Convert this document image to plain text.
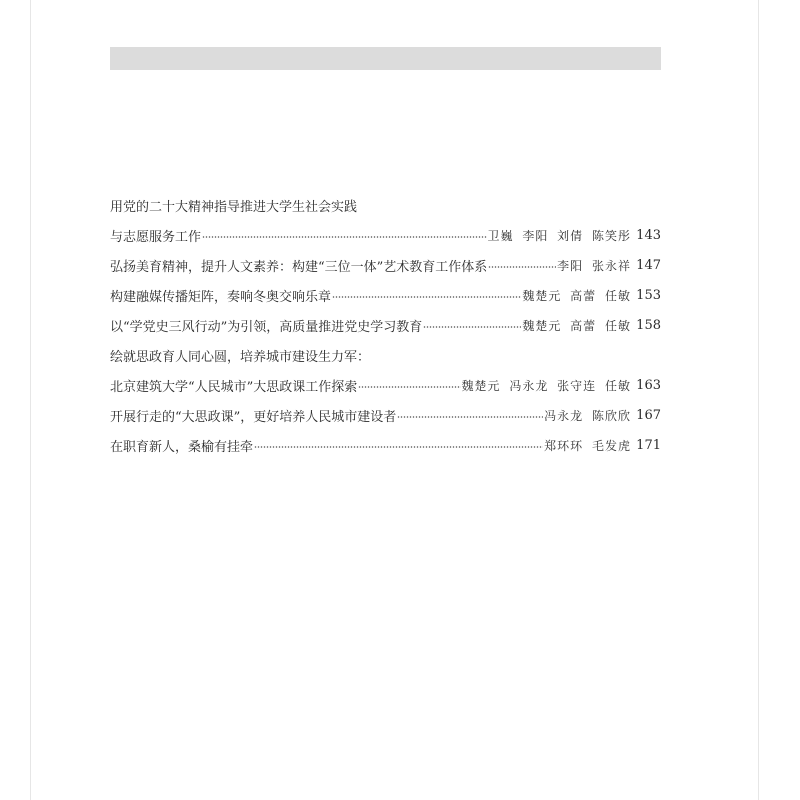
用党的二十大精神指导推进大学生社会实践
与志愿服务工作	卫巍 李阳 刘倩 陈笑彤 143
弘扬美育精神，提升人文素养：构建“三位一体”艺术教育工作体系	李阳 张永祥 147
构建融媒传播矩阵，奏响冬奥交响乐章	魏楚元 高蕾 任敏 153
以“学党史三风行动”为引领，高质量推进党史学习教育	魏楚元 高蕾 任敏 158
绘就思政育人同心圆，培养城市建设生力军：
北京建筑大学“人民城市”大思政课工作探索	魏楚元 冯永龙 张守连 任敏 163
开展行走的“大思政课”，更好培养人民城市建设者	冯永龙 陈欣欣 167
在职育新人，桑榆有挂牵	郑环环 毛发虎 171
